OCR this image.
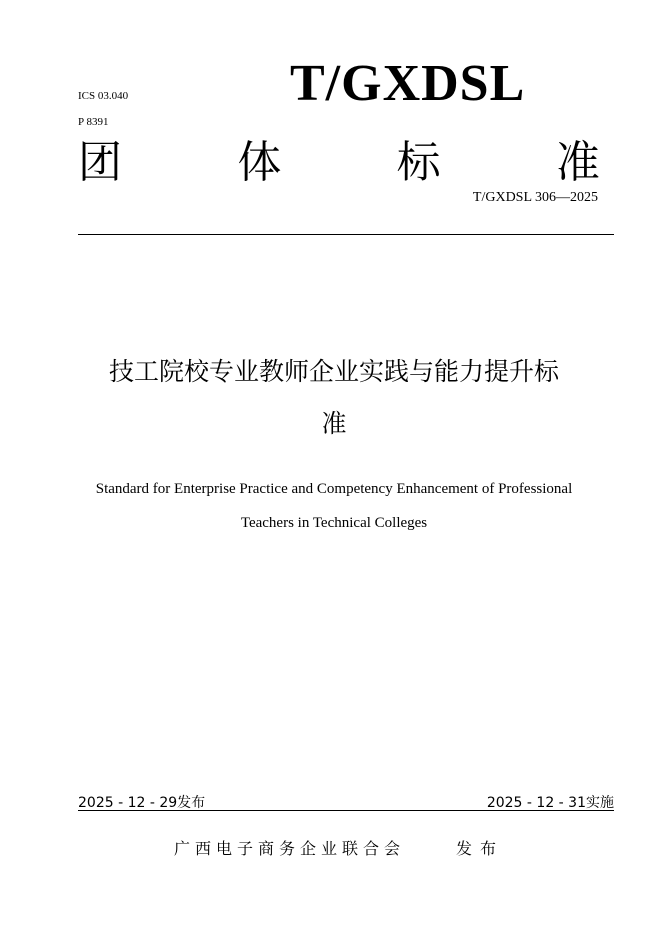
ICS 03.040
P 8391
T/GXDSL
团	体	标	准
T/GXDSL 306—2025
技工院校专业教师企业实践与能力提升标
准
Standard for Enterprise Practice and Competency Enhancement of Professional
Teachers in Technical Colleges
2025 - 12 - 29发布	2025 - 12 - 31实施
广西电子商务企业联合会	发布
